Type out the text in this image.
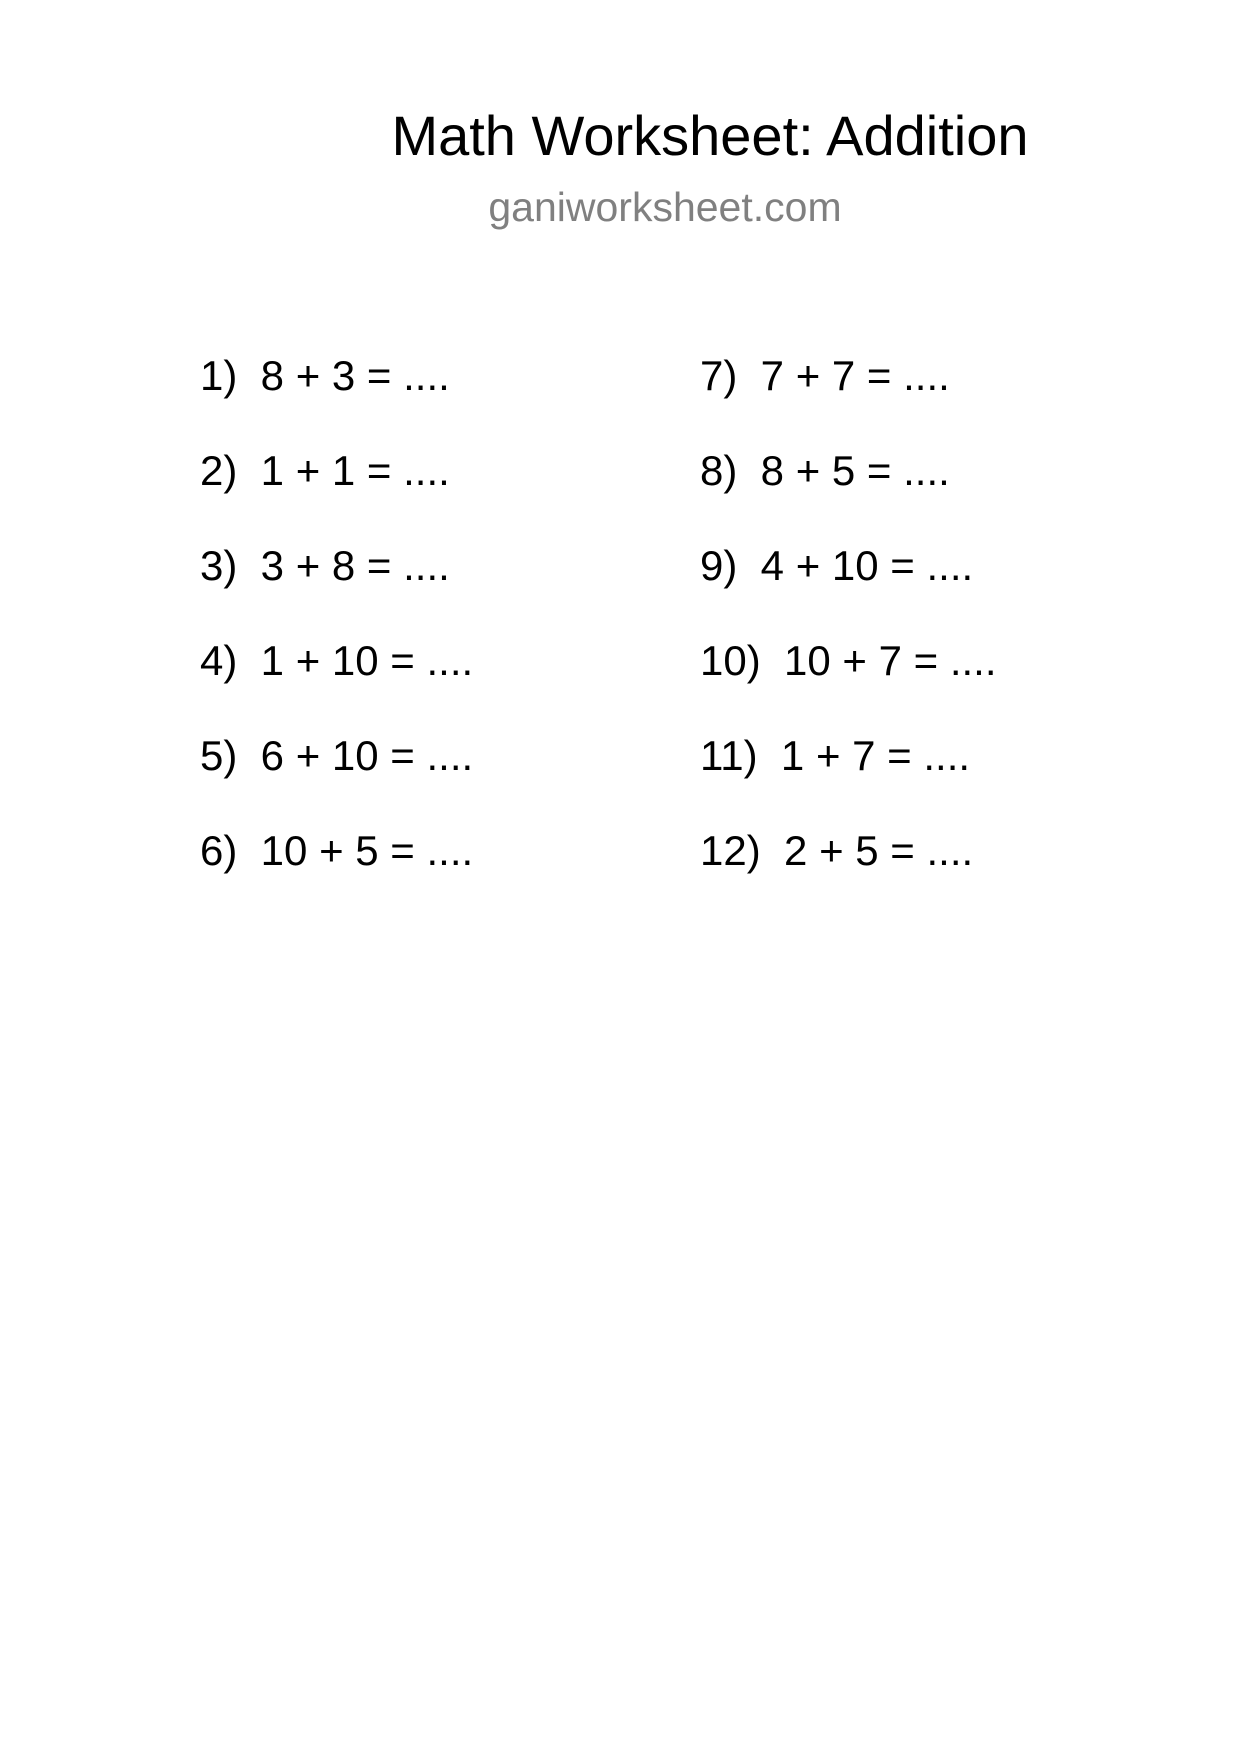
Math Worksheet: Addition
ganiworksheet.com
1)  8 + 3 = ....
2)  1 + 1 = ....
3)  3 + 8 = ....
4)  1 + 10 = ....
5)  6 + 10 = ....
6)  10 + 5 = ....
7)  7 + 7 = ....
8)  8 + 5 = ....
9)  4 + 10 = ....
10)  10 + 7 = ....
11)  1 + 7 = ....
12)  2 + 5 = ....
